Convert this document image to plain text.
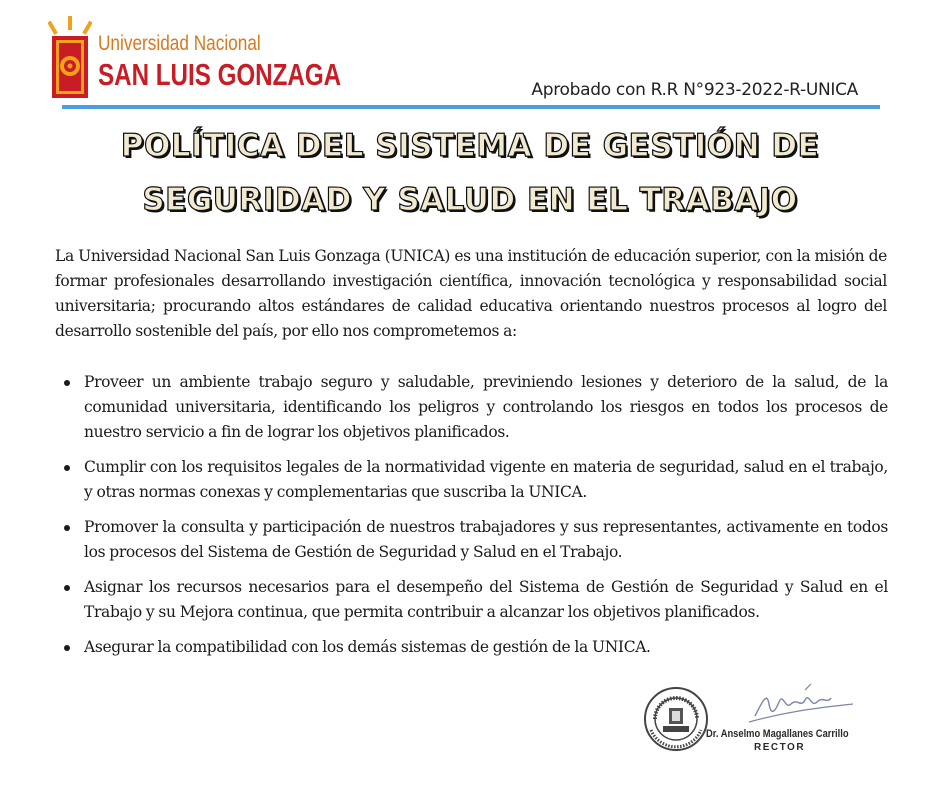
Universidad Nacional
SAN LUIS GONZAGA	Aprobado con R.R N°923-2022-R-UNICA
POLÍTICA DEL SISTEMA DE GESTIÓN DE
SEGURIDAD Y SALUD EN EL TRABAJO

La Universidad Nacional San Luis Gonzaga (UNICA) es una institución de educación superior, con la misión de formar profesionales desarrollando investigación científica, innovación tecnológica y responsabilidad social universitaria; procurando altos estándares de calidad educativa orientando nuestros procesos al logro del desarrollo sostenible del país, por ello nos comprometemos a:

Proveer un ambiente trabajo seguro y saludable, previniendo lesiones y deterioro de la salud, de la comunidad universitaria, identificando los peligros y controlando los riesgos en todos los procesos de nuestro servicio a fin de lograr los objetivos planificados.
Cumplir con los requisitos legales de la normatividad vigente en materia de seguridad, salud en el trabajo, y otras normas conexas y complementarias que suscriba la UNICA.
Promover la consulta y participación de nuestros trabajadores y sus representantes, activamente en todos los procesos del Sistema de Gestión de Seguridad y Salud en el Trabajo.
Asignar los recursos necesarios para el desempeño del Sistema de Gestión de Seguridad y Salud en el Trabajo y su Mejora continua, que permita contribuir a alcanzar los objetivos planificados.
Asegurar la compatibilidad con los demás sistemas de gestión de la UNICA.
Dr. Anselmo Magallanes Carrillo
RECTOR
